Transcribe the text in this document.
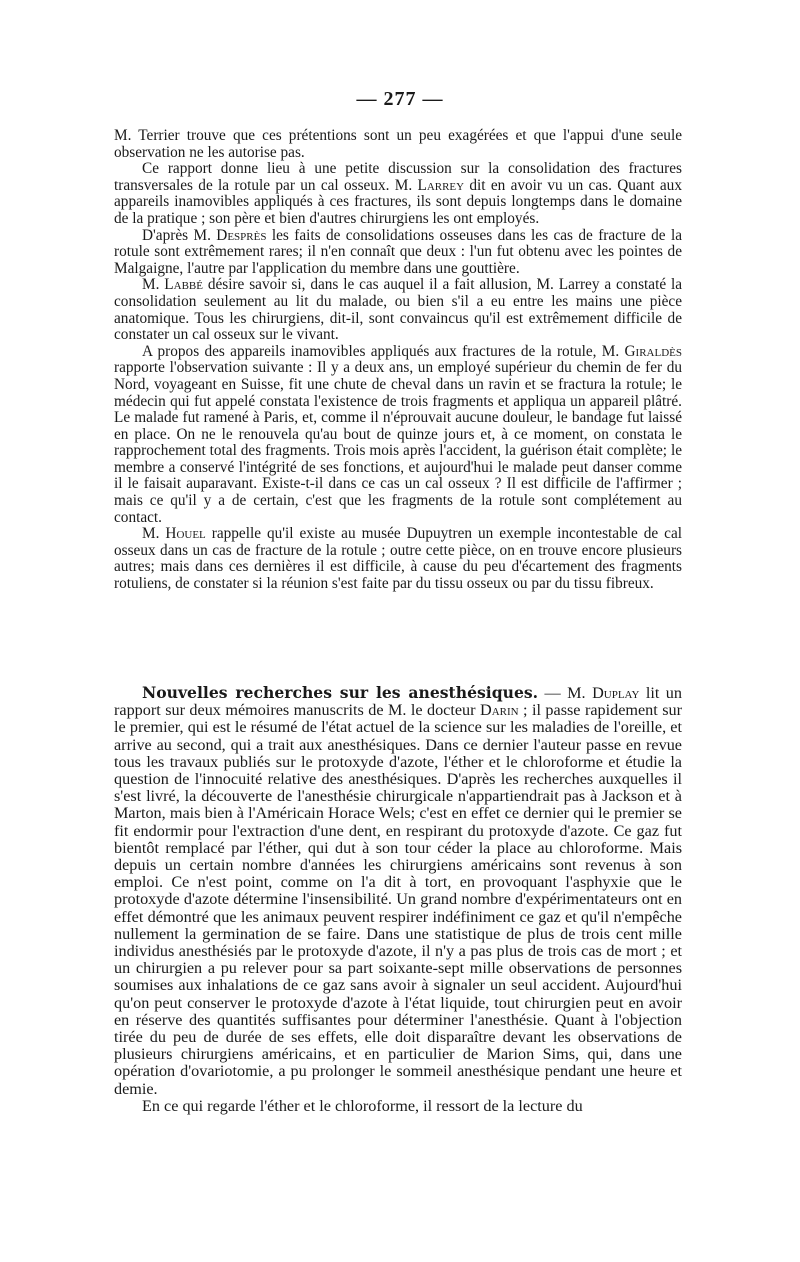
— 277 —

M. Terrier trouve que ces prétentions sont un peu exagérées et que l'appui d'une seule observation ne les autorise pas.

Ce rapport donne lieu à une petite discussion sur la consolidation des fractures transversales de la rotule par un cal osseux. M. Larrey dit en avoir vu un cas. Quant aux appareils inamovibles appliqués à ces fractures, ils sont depuis longtemps dans le domaine de la pratique ; son père et bien d'autres chirurgiens les ont employés.

D'après M. Desprès les faits de consolidations osseuses dans les cas de fracture de la rotule sont extrêmement rares; il n'en connaît que deux : l'un fut obtenu avec les pointes de Malgaigne, l'autre par l'application du membre dans une gouttière.

M. Labbé désire savoir si, dans le cas auquel il a fait allusion, M. Larrey a constaté la consolidation seulement au lit du malade, ou bien s'il a eu entre les mains une pièce anatomique. Tous les chirurgiens, dit-il, sont convaincus qu'il est extrêmement difficile de constater un cal osseux sur le vivant.

A propos des appareils inamovibles appliqués aux fractures de la rotule, M. Giraldès rapporte l'observation suivante : Il y a deux ans, un employé supérieur du chemin de fer du Nord, voyageant en Suisse, fit une chute de cheval dans un ravin et se fractura la rotule; le médecin qui fut appelé constata l'existence de trois fragments et appliqua un appareil plâtré. Le malade fut ramené à Paris, et, comme il n'éprouvait aucune douleur, le bandage fut laissé en place. On ne le renouvela qu'au bout de quinze jours et, à ce moment, on constata le rapprochement total des fragments. Trois mois après l'accident, la guérison était complète; le membre a conservé l'intégrité de ses fonctions, et aujourd'hui le malade peut danser comme il le faisait auparavant. Existe-t-il dans ce cas un cal osseux ? Il est difficile de l'affirmer ; mais ce qu'il y a de certain, c'est que les fragments de la rotule sont complétement au contact.

M. Houel rappelle qu'il existe au musée Dupuytren un exemple incontestable de cal osseux dans un cas de fracture de la rotule ; outre cette pièce, on en trouve encore plusieurs autres; mais dans ces dernières il est difficile, à cause du peu d'écartement des fragments rotuliens, de constater si la réunion s'est faite par du tissu osseux ou par du tissu fibreux.

Nouvelles recherches sur les anesthésiques. — M. Duplay lit un rapport sur deux mémoires manuscrits de M. le docteur Darin ; il passe rapidement sur le premier, qui est le résumé de l'état actuel de la science sur les maladies de l'oreille, et arrive au second, qui a trait aux anesthésiques. Dans ce dernier l'auteur passe en revue tous les travaux publiés sur le protoxyde d'azote, l'éther et le chloroforme et étudie la question de l'innocuité relative des anesthésiques. D'après les recherches auxquelles il s'est livré, la découverte de l'anesthésie chirurgicale n'appartiendrait pas à Jackson et à Marton, mais bien à l'Américain Horace Wels; c'est en effet ce dernier qui le premier se fit endormir pour l'extraction d'une dent, en respirant du protoxyde d'azote. Ce gaz fut bientôt remplacé par l'éther, qui dut à son tour céder la place au chloroforme. Mais depuis un certain nombre d'années les chirurgiens américains sont revenus à son emploi. Ce n'est point, comme on l'a dit à tort, en provoquant l'asphyxie que le protoxyde d'azote détermine l'insensibilité. Un grand nombre d'expérimentateurs ont en effet démontré que les animaux peuvent respirer indéfiniment ce gaz et qu'il n'empêche nullement la germination de se faire. Dans une statistique de plus de trois cent mille individus anesthésiés par le protoxyde d'azote, il n'y a pas plus de trois cas de mort ; et un chirurgien a pu relever pour sa part soixante-sept mille observations de personnes soumises aux inhalations de ce gaz sans avoir à signaler un seul accident. Aujourd'hui qu'on peut conserver le protoxyde d'azote à l'état liquide, tout chirurgien peut en avoir en réserve des quantités suffisantes pour déterminer l'anesthésie. Quant à l'objection tirée du peu de durée de ses effets, elle doit disparaître devant les observations de plusieurs chirurgiens américains, et en particulier de Marion Sims, qui, dans une opération d'ovariotomie, a pu prolonger le sommeil anesthésique pendant une heure et demie.

En ce qui regarde l'éther et le chloroforme, il ressort de la lecture du
